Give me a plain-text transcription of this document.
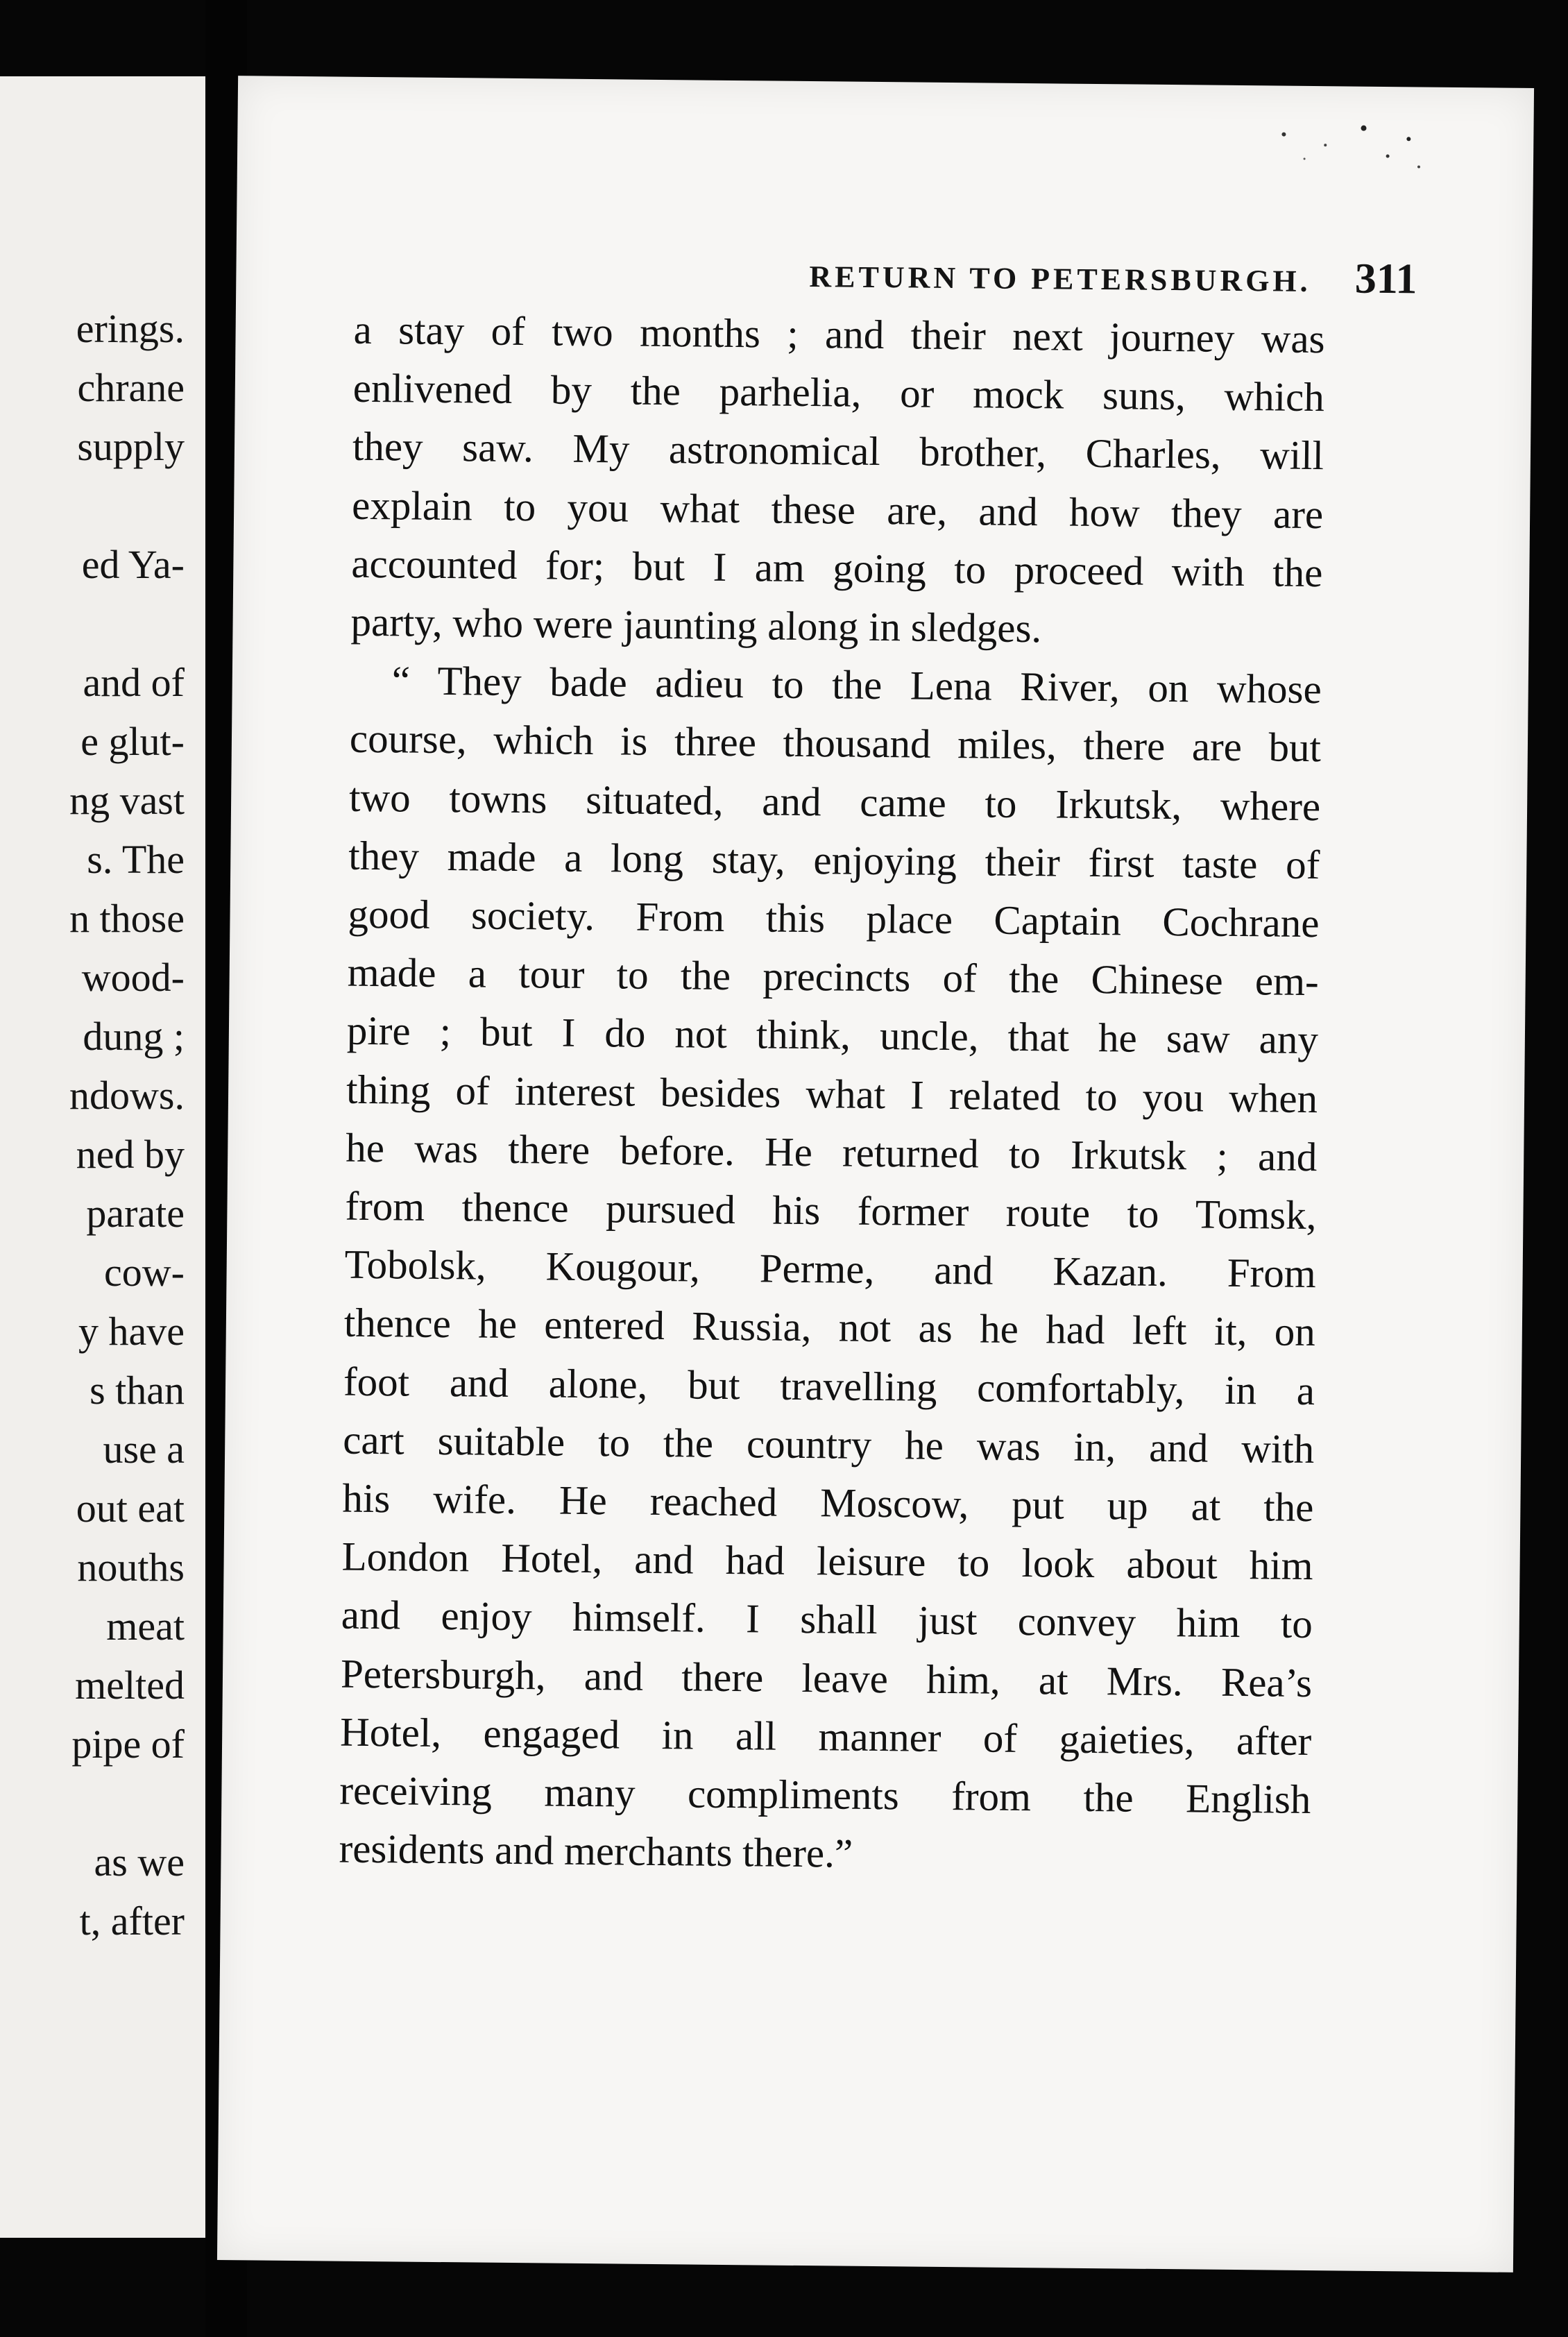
erings.
chrane
supply
ed Ya-
and of
e glut-
ng vast
s. The
n those
wood-
dung ;
ndows.
ned by
parate
cow-
y have
s than
use a
out eat
nouths
meat
melted
pipe of
as we
t, after
RETURN TO PETERSBURGH. 311
a stay of two months ; and their next journey was
enlivened by the parhelia, or mock suns, which
they saw. My astronomical brother, Charles, will
explain to you what these are, and how they are
accounted for; but I am going to proceed with the
party, who were jaunting along in sledges.
“ They bade adieu to the Lena River, on whose
course, which is three thousand miles, there are but
two towns situated, and came to Irkutsk, where
they made a long stay, enjoying their first taste of
good society. From this place Captain Cochrane
made a tour to the precincts of the Chinese em-
pire ; but I do not think, uncle, that he saw any
thing of interest besides what I related to you when
he was there before. He returned to Irkutsk ; and
from thence pursued his former route to Tomsk,
Tobolsk, Kougour, Perme, and Kazan. From
thence he entered Russia, not as he had left it, on
foot and alone, but travelling comfortably, in a
cart suitable to the country he was in, and with
his wife. He reached Moscow, put up at the
London Hotel, and had leisure to look about him
and enjoy himself. I shall just convey him to
Petersburgh, and there leave him, at Mrs. Rea’s
Hotel, engaged in all manner of gaieties, after
receiving many compliments from the English
residents and merchants there.”
